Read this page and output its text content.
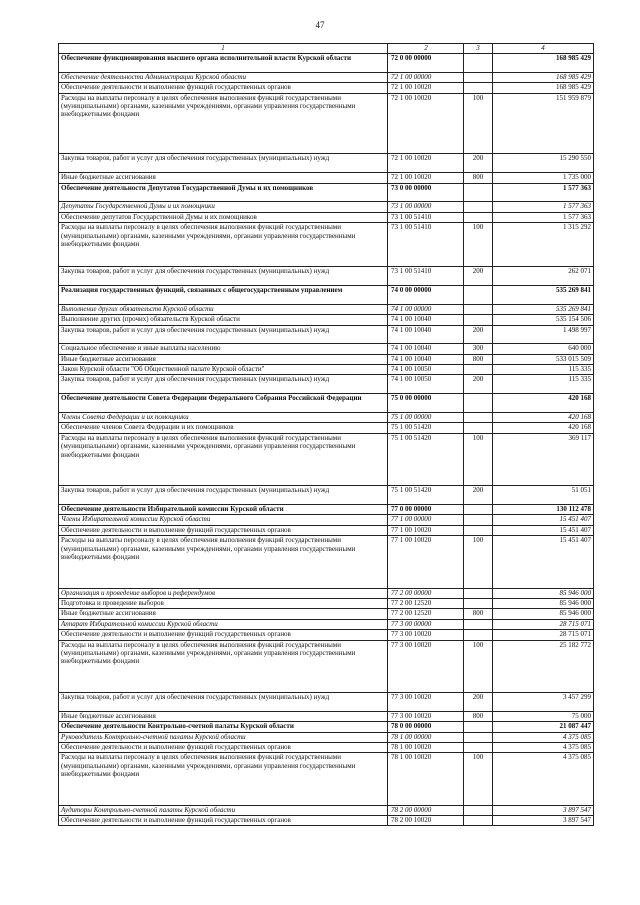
47
1	2	3	4
Обеспечение функционирования высшего органа исполнительной власти Курской области	72 0 00 00000		168 985 429
Обеспечение деятельности Администрации Курской области	72 1 00 00000		168 985 429
Обеспечение деятельности и выполнение функций государственных органов	72 1 00 10020		168 985 429
Расходы на выплаты персоналу в целях обеспечения выполнения функций государственными (муниципальными) органами, казенными учреждениями, органами управления государственными внебюджетными фондами	72 1 00 10020	100	151 959 879
Закупка товаров, работ и услуг для обеспечения государственных (муниципальных) нужд	72 1 00 10020	200	15 290 550
Иные бюджетные ассигнования	72 1 00 10020	800	1 735 000
Обеспечение деятельности Депутатов Государственной Думы и их помощников	73 0 00 00000		1 577 363
Депутаты Государственной Думы и их помощники	73 1 00 00000		1 577 363
Обеспечение депутатов Государственной Думы и их помощников	73 1 00 51410		1 577 363
Расходы на выплаты персоналу в целях обеспечения выполнения функций государственными (муниципальными) органами, казенными учреждениями, органами управления государственными внебюджетными фондами	73 1 00 51410	100	1 315 292
Закупка товаров, работ и услуг для обеспечения государственных (муниципальных) нужд	73 1 00 51410	200	262 071
Реализация государственных функций, связанных с общегосударственным управлением	74 0 00 00000		535 269 841
Выполнение других обязательств Курской области	74 1 00 00000		535 269 841
Выполнение других (прочих) обязательств Курской области	74 1 00 10040		535 154 506
Закупка товаров, работ и услуг для обеспечения государственных (муниципальных) нужд	74 1 00 10040	200	1 498 997
Социальное обеспечение и иные выплаты населению	74 1 00 10040	300	640 000
Иные бюджетные ассигнования	74 1 00 10040	800	533 015 509
Закон Курской области "Об Общественной палате Курской области"	74 1 00 10050		115 335
Закупка товаров, работ и услуг для обеспечения государственных (муниципальных) нужд	74 1 00 10050	200	115 335
Обеспечение деятельности Совета Федерации Федерального Собрания Российской Федерации	75 0 00 00000		420 168
Члены Совета Федерации и их помощники	75 1 00 00000		420 168
Обеспечение членов Совета Федерации и их помощников	75 1 00 51420		420 168
Расходы на выплаты персоналу в целях обеспечения выполнения функций государственными (муниципальными) органами, казенными учреждениями, органами управления государственными внебюджетными фондами	75 1 00 51420	100	369 117
Закупка товаров, работ и услуг для обеспечения государственных (муниципальных) нужд	75 1 00 51420	200	51 051
Обеспечение деятельности Избирательной комиссии Курской области	77 0 00 00000		130 112 478
Члены Избирательной комиссии Курской области	77 1 00 00000		15 451 407
Обеспечение деятельности и выполнение функций государственных органов	77 1 00 10020		15 451 407
Расходы на выплаты персоналу в целях обеспечения выполнения функций государственными (муниципальными) органами, казенными учреждениями, органами управления государственными внебюджетными фондами	77 1 00 10020	100	15 451 407
Организация и проведение выборов и референдумов	77 2 00 00000		85 946 000
Подготовка и проведение выборов	77 2 00 12520		85 946 000
Иные бюджетные ассигнования	77 2 00 12520	800	85 946 000
Аппарат Избирательной комиссии Курской области	77 3 00 00000		28 715 071
Обеспечение деятельности и выполнение функций государственных органов	77 3 00 10020		28 715 071
Расходы на выплаты персоналу в целях обеспечения выполнения функций государственными (муниципальными) органами, казенными учреждениями, органами управления государственными внебюджетными фондами	77 3 00 10020	100	25 182 772
Закупка товаров, работ и услуг для обеспечения государственных (муниципальных) нужд	77 3 00 10020	200	3 457 299
Иные бюджетные ассигнования	77 3 00 10020	800	75 000
Обеспечение деятельности Контрольно-счетной палаты Курской области	78 0 00 00000		21 087 447
Руководитель Контрольно-счетной палаты Курской области	78 1 00 00000		4 375 085
Обеспечение деятельности и выполнение функций государственных органов	78 1 00 10020		4 375 085
Расходы на выплаты персоналу в целях обеспечения выполнения функций государственными (муниципальными) органами, казенными учреждениями, органами управления государственными внебюджетными фондами	78 1 00 10020	100	4 375 085
Аудиторы Контрольно-счетной палаты Курской области	78 2 00 00000		3 897 547
Обеспечение деятельности и выполнение функций государственных органов	78 2 00 10020		3 897 547
